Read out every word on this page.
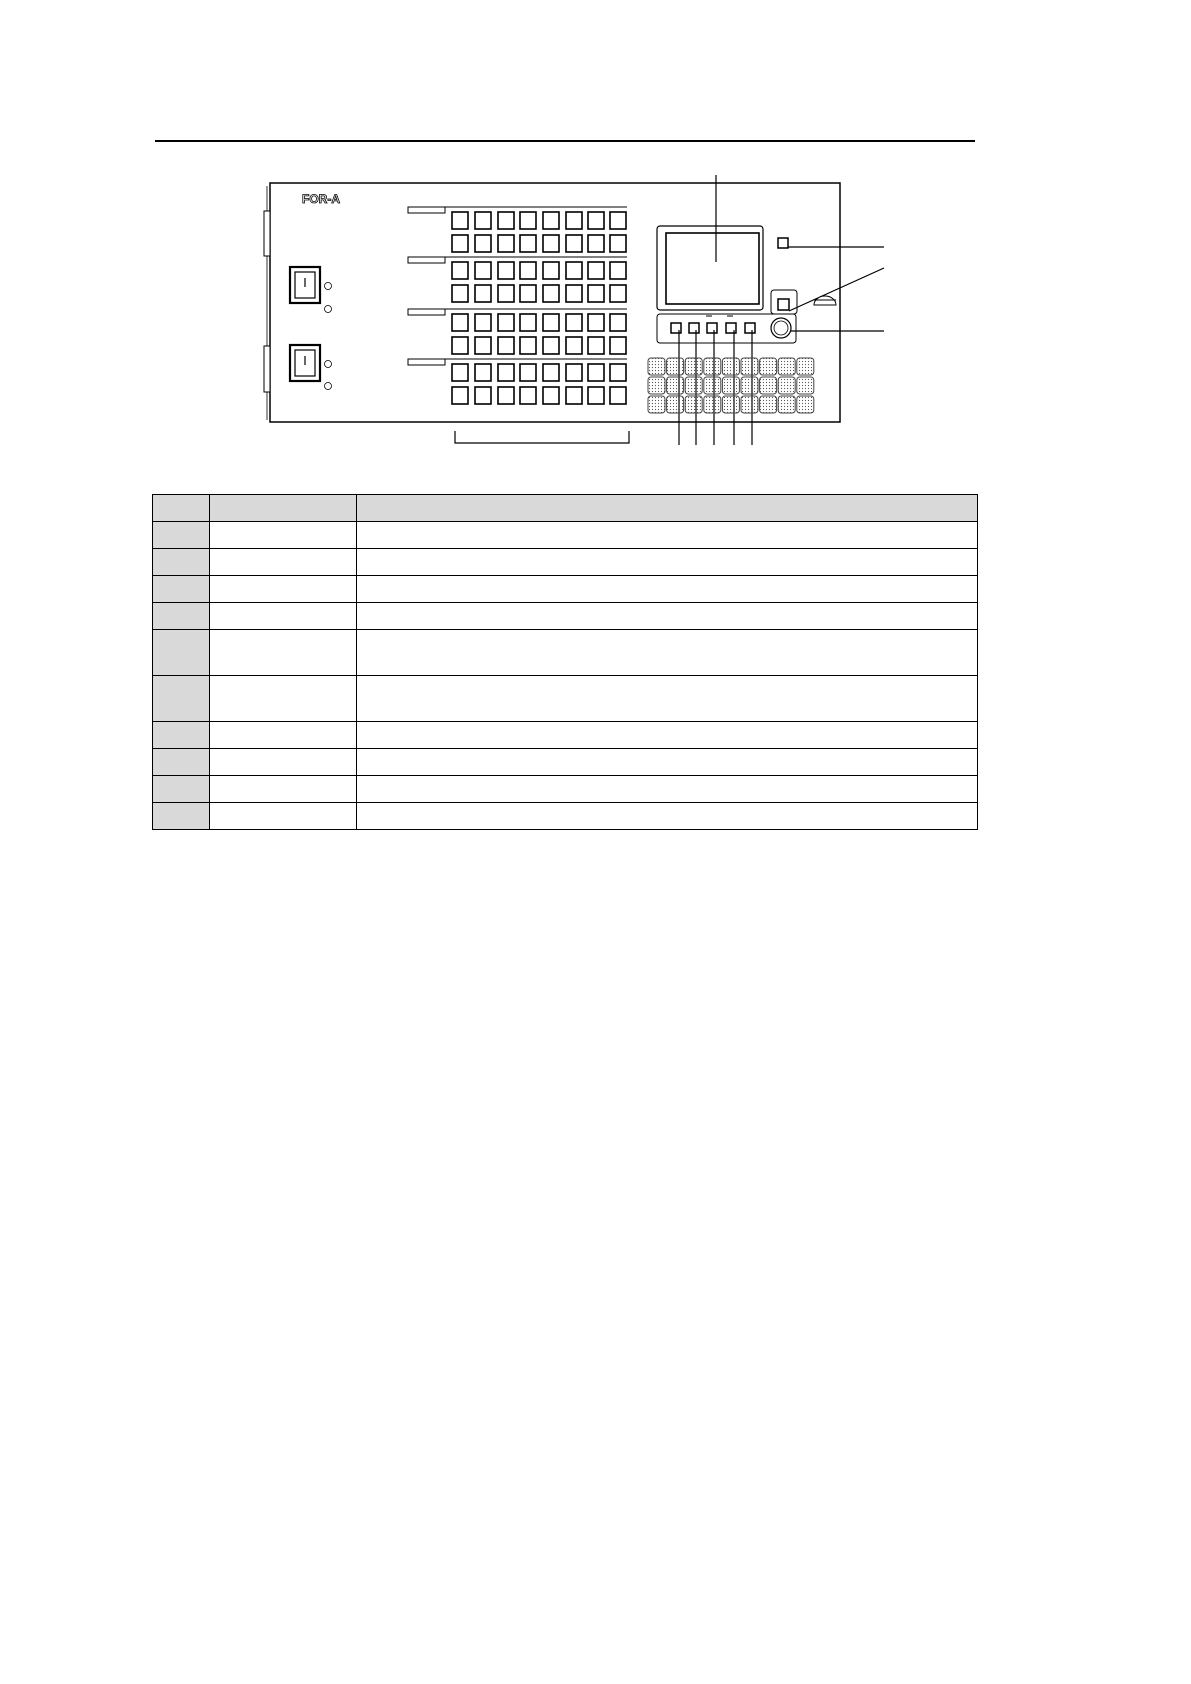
FOR-A
